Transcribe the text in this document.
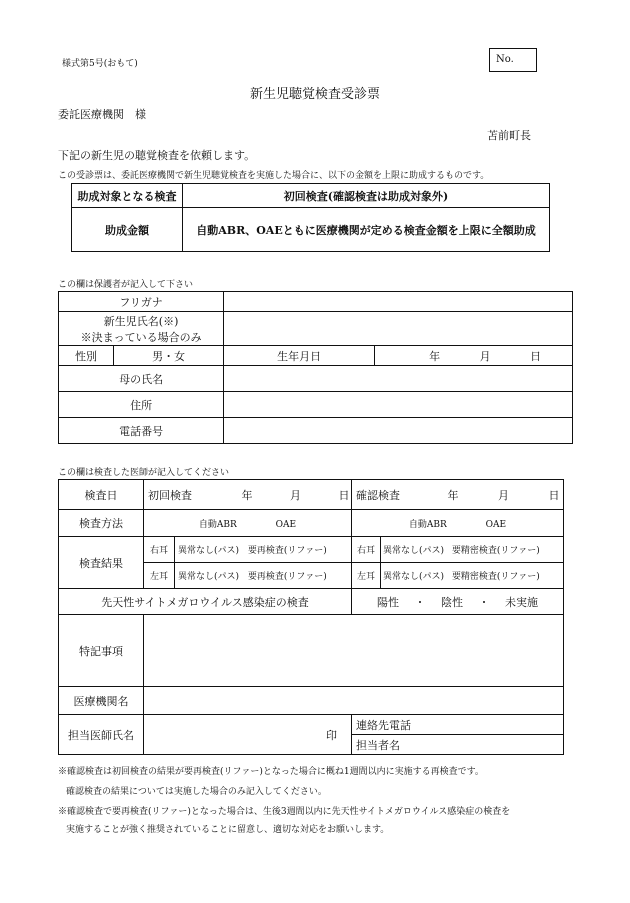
様式第5号(おもて)	No.
新生児聴覚検査受診票
委託医療機関　様
苫前町長
下記の新生児の聴覚検査を依頼します。
この受診票は、委託医療機関で新生児聴覚検査を実施した場合に、以下の金額を上限に助成するものです。
助成対象となる検査	初回検査(確認検査は助成対象外)
助成金額	自動ABR、OAEともに医療機関が定める検査金額を上限に全額助成
この欄は保護者が記入して下さい
フリガナ			

新生児氏名(※)
※決まっている場合のみ			

性別	男・女	生年月日	年 月 日
母の氏名			
住所			
電話番号			
この欄は検査した医師が記入してください
検査日	初回検査 年 月 日		確認検査 年 月 日	
検査方法	自動ABR OAE		自動ABR OAE	
検査結果	右耳	異常なし(パス) 要再検査(リファー)	右耳	異常なし(パス) 要精密検査(リファー)
	左耳	異常なし(パス) 要再検査(リファー)	左耳	異常なし(パス) 要精密検査(リファー)
先天性サイトメガロウイルス感染症の検査			陽性 ・ 陰性 ・ 未実施	
特記事項				
医療機関名				
担当医師氏名	印		連絡先電話	
			担当者名	
※確認検査は初回検査の結果が要再検査(リファー)となった場合に概ね1週間以内に実施する再検査です。
確認検査の結果については実施した場合のみ記入してください。
※確認検査で要再検査(リファー)となった場合は、生後3週間以内に先天性サイトメガロウイルス感染症の検査を
実施することが強く推奨されていることに留意し、適切な対応をお願いします。
